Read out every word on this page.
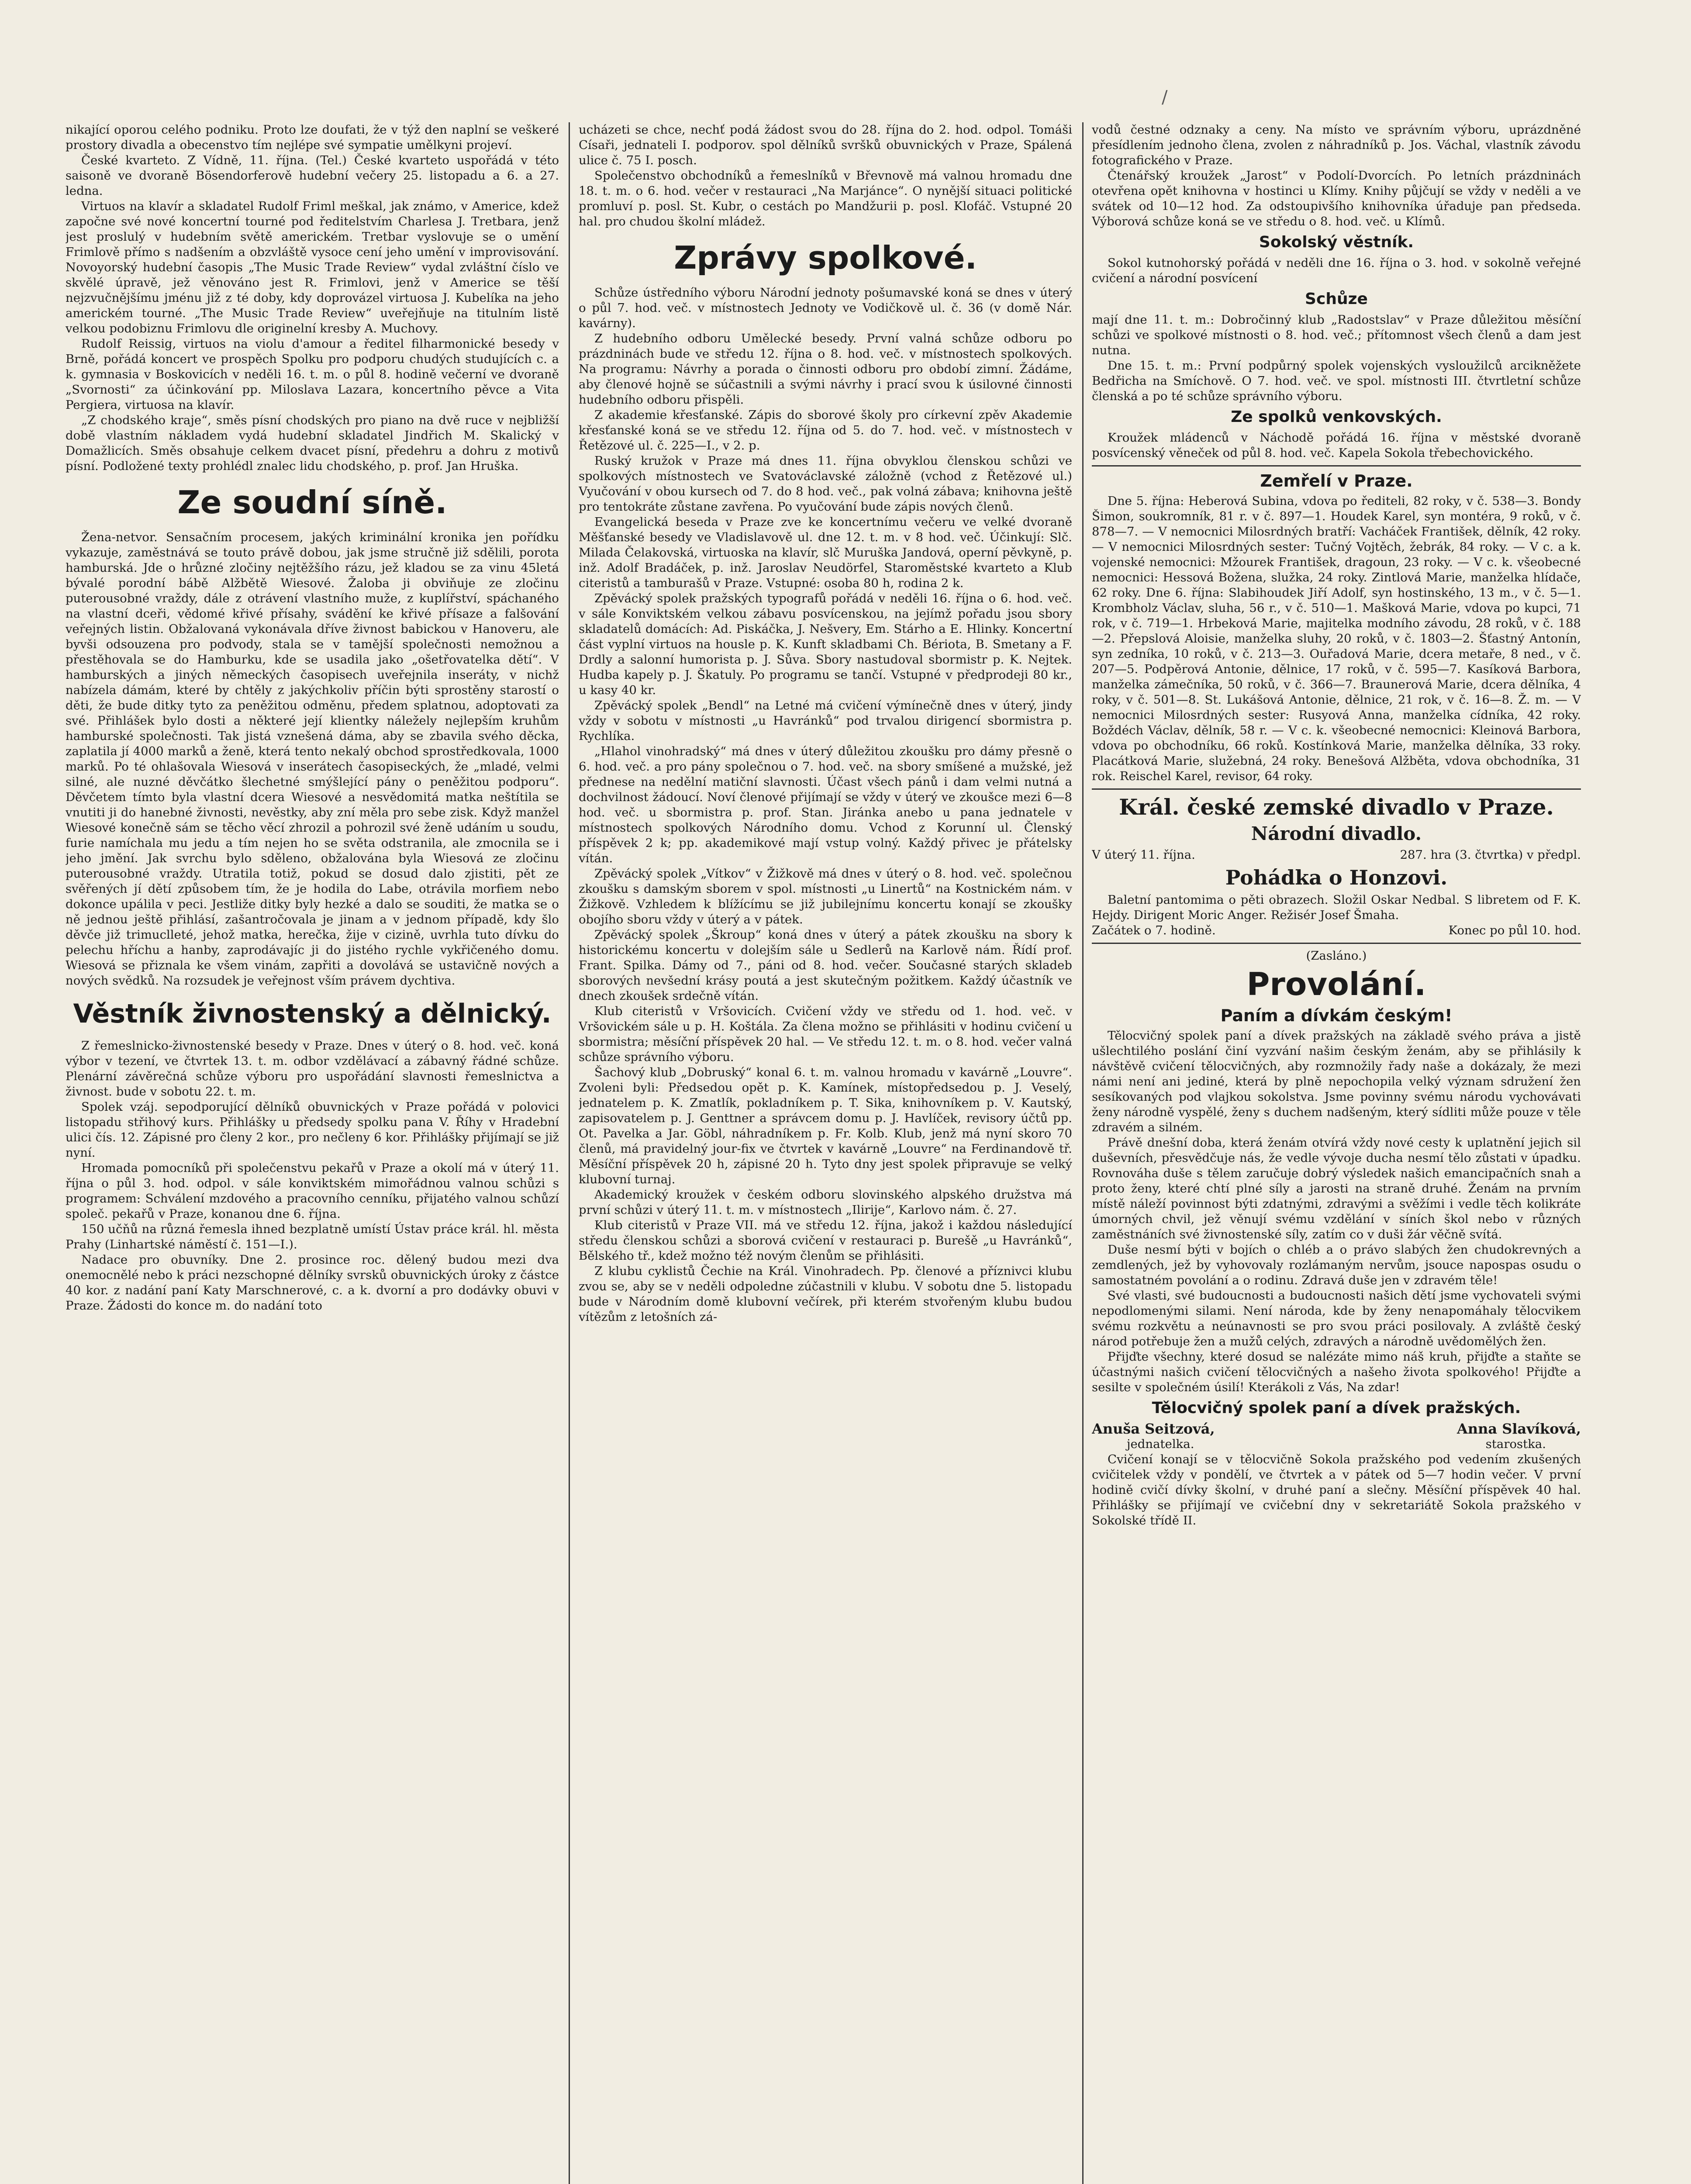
/

nikající oporou celého podniku. Proto lze doufati, že v týž den naplní se veškeré prostory divadla a obecenstvo tím nejlépe své sympatie umělkyni projeví.

České kvarteto. Z Vídně, 11. října. (Tel.) České kvarteto uspořádá v této saisoně ve dvoraně Bösendorferově hudební večery 25. listopadu a 6. a 27. ledna.

Virtuos na klavír a skladatel Rudolf Friml meškal, jak známo, v Americe, kdež započne své nové koncertní tourné pod ředitelstvím Charlesa J. Tretbara, jenž jest proslulý v hudebním světě americkém. Tretbar vyslovuje se o umění Frimlově přímo s nadšením a obzvláště vysoce cení jeho umění v improvisování. Novoyorský hudební časopis „The Music Trade Review“ vydal zvláštní číslo ve skvělé úpravě, jež věnováno jest R. Frimlovi, jenž v Americe se těší nejzvučnějšímu jménu již z té doby, kdy doprovázel virtuosa J. Kubelíka na jeho americkém tourné. „The Music Trade Review“ uveřejňuje na titulním listě velkou podobiznu Frimlovu dle originelní kresby A. Muchovy.

Rudolf Reissig, virtuos na violu d'amour a ředitel filharmonické besedy v Brně, pořádá koncert ve prospěch Spolku pro podporu chudých studujících c. a k. gymnasia v Boskovicích v neděli 16. t. m. o půl 8. hodině večerní ve dvoraně „Svornosti“ za účinkování pp. Miloslava Lazara, koncertního pěvce a Vita Pergiera, virtuosa na klavír.

„Z chodského kraje“, směs písní chodských pro piano na dvě ruce v nejbližší době vlastním nákladem vydá hudební skladatel Jindřich M. Skalický v Domažlicích. Směs obsahuje celkem dvacet písní, předehru a dohru z motivů písní. Podložené texty prohlédl znalec lidu chodského, p. prof. Jan Hruška.

Ze soudní síně.

Žena-netvor. Sensačním procesem, jakých kriminální kronika jen pořídku vykazuje, zaměstnává se touto právě dobou, jak jsme stručně již sdělili, porota hamburská. Jde o hrůzné zločiny nejtěžšího rázu, jež kladou se za vinu 45letá bývalé porodní bábě Alžbětě Wiesové. Žaloba ji obviňuje ze zločinu puterousobné vraždy, dále z otrávení vlastního muže, z kuplířství, spáchaného na vlastní dceři, vědomé křivé přísahy, svádění ke křivé přísaze a falšování veřejných listin. Obžalovaná vykonávala dříve živnost babickou v Hanoveru, ale byvši odsouzena pro podvody, stala se v tamější společnosti nemožnou a přestěhovala se do Hamburku, kde se usadila jako „ošetřovatelka dětí“. V hamburských a jiných německých časopisech uveřejnila inseráty, v nichž nabízela dámám, které by chtěly z jakýchkoliv příčin býti sprostěny starostí o děti, že bude ditky tyto za peněžitou odměnu, předem splatnou, adoptovati za své. Přihlášek bylo dosti a některé její klientky náležely nejlepším kruhům hamburské společnosti. Tak jistá vznešená dáma, aby se zbavila svého děcka, zaplatila jí 4000 marků a ženě, která tento nekalý obchod sprostředkovala, 1000 marků. Po té ohlašovala Wiesová v inserátech časopiseckých, že „mladé, velmi silné, ale nuzné děvčátko šlechetné smýšlející pány o peněžitou podporu“. Děvčetem tímto byla vlastní dcera Wiesové a nesvědomitá matka neštítila se vnutiti ji do hanebné živnosti, nevěstky, aby zní měla pro sebe zisk. Když manžel Wiesové konečně sám se těcho věcí zhrozil a pohrozil své ženě udáním u soudu, furie namíchala mu jedu a tím nejen ho se světa odstranila, ale zmocnila se i jeho jmění. Jak svrchu bylo sděleno, obžalována byla Wiesová ze zločinu puterousobné vraždy. Utratila totiž, pokud se dosud dalo zjistiti, pět ze svěřených jí dětí způsobem tím, že je hodila do Labe, otrávila morfiem nebo dokonce upálila v peci. Jestliže ditky byly hezké a dalo se souditi, že matka se o ně jednou ještě přihlásí, zašantročovala je jinam a v jednom případě, kdy šlo děvče již trimuclleté, jehož matka, herečka, žije v cizině, uvrhla tuto dívku do pelechu hříchu a hanby, zaprodávajíc ji do jistého rychle vykřičeného domu. Wiesová se přiznala ke všem vinám, zapřiti a dovolává se ustavičně nových a nových svědků. Na rozsudek je veřejnost vším právem dychtiva.

Věstník živnostenský a dělnický.

Z řemeslnicko-živnostenské besedy v Praze. Dnes v úterý o 8. hod. več. koná výbor v tezení, ve čtvrtek 13. t. m. odbor vzdělávací a zábavný řádné schůze. Plenární závěrečná schůze výboru pro uspořádání slavnosti řemeslnictva a živnost. bude v sobotu 22. t. m.

Spolek vzáj. sepodporující dělníků obuvnických v Praze pořádá v polovici listopadu střihový kurs. Přihlášky u předsedy spolku pana V. Říhy v Hradební ulici čís. 12. Zápisné pro členy 2 kor., pro nečleny 6 kor. Přihlášky přijímají se již nyní.

Hromada pomocníků při společenstvu pekařů v Praze a okolí má v úterý 11. října o půl 3. hod. odpol. v sále konviktském mimořádnou valnou schůzi s programem: Schválení mzdového a pracovního cenníku, přijatého valnou schůzí společ. pekařů v Praze, konanou dne 6. října.

150 učňů na různá řemesla ihned bezplatně umístí Ústav práce král. hl. města Prahy (Linhartské náměstí č. 151—I.).

Nadace pro obuvníky. Dne 2. prosince roc. dělený budou mezi dva onemocnělé nebo k práci nezschopné dělníky svrsků obuvnických úroky z částce 40 kor. z nadání paní Katy Marschnerové, c. a k. dvorní a pro dodávky obuvi v Praze. Žádosti do konce m. do nadání toto

ucházeti se chce, nechť podá žádost svou do 28. října do 2. hod. odpol. Tomáši Císaři, jednateli I. podporov. spol dělníků svršků obuvnických v Praze, Spálená ulice č. 75 I. posch.

Společenstvo obchodníků a řemeslníků v Břevnově má valnou hromadu dne 18. t. m. o 6. hod. večer v restauraci „Na Marjánce“. O nynější situaci politické promluví p. posl. St. Kubr, o cestách po Mandžurii p. posl. Klofáč. Vstupné 20 hal. pro chudou školní mládež.

Zprávy spolkové.

Schůze ústředního výboru Národní jednoty pošumavské koná se dnes v úterý o půl 7. hod. več. v místnostech Jednoty ve Vodičkově ul. č. 36 (v domě Nár. kavárny).

Z hudebního odboru Umělecké besedy. První valná schůze odboru po prázdninách bude ve středu 12. října o 8. hod. več. v místnostech spolkových. Na programu: Návrhy a porada o činnosti odboru pro období zimní. Žádáme, aby členové hojně se súčastnili a svými návrhy i prací svou k úsilovné činnosti hudebního odboru přispěli.

Z akademie křesťanské. Zápis do sborové školy pro církevní zpěv Akademie křesťanské koná se ve středu 12. října od 5. do 7. hod. več. v místnostech v Řetězové ul. č. 225—I., v 2. p.

Ruský kružok v Praze má dnes 11. října obvyklou členskou schůzi ve spolkových místnostech ve Svatováclavské záložně (vchod z Řetězové ul.) Vyučování v obou kursech od 7. do 8 hod. več., pak volná zábava; knihovna ještě pro tentokráte zůstane zavřena. Po vyučování bude zápis nových členů.

Evangelická beseda v Praze zve ke koncertnímu večeru ve velké dvoraně Měšťanské besedy ve Vladislavově ul. dne 12. t. m. v 8 hod. več. Účinkují: Slč. Milada Čelakovská, virtuoska na klavír, slč Muruška Jandová, operní pěvkyně, p. inž. Adolf Bradáček, p. inž. Jaroslav Neudörfel, Staroměstské kvarteto a Klub citeristů a tamburašů v Praze. Vstupné: osoba 80 h, rodina 2 k.

Zpěvácký spolek pražských typografů pořádá v neděli 16. října o 6. hod. več. v sále Konviktském velkou zábavu posvícenskou, na jejímž pořadu jsou sbory skladatelů domácích: Ad. Piskáčka, J. Nešvery, Em. Stárho a E. Hlinky. Koncertní část vyplní virtuos na housle p. K. Kunft skladbami Ch. Bériota, B. Smetany a F. Drdly a salonní humorista p. J. Sůva. Sbory nastudoval sbormistr p. K. Nejtek. Hudba kapely p. J. Škatuly. Po programu se tančí. Vstupné v předprodeji 80 kr., u kasy 40 kr.

Zpěvácký spolek „Bendl“ na Letné má cvičení výmínečně dnes v úterý, jindy vždy v sobotu v místnosti „u Havránků“ pod trvalou dirigencí sbormistra p. Rychlíka.

„Hlahol vinohradský“ má dnes v úterý důležitou zkoušku pro dámy přesně o 6. hod. več. a pro pány společnou o 7. hod. več. na sbory smíšené a mužské, jež přednese na nedělní matiční slavnosti. Účast všech pánů i dam velmi nutná a dochvilnost žádoucí. Noví členové přijímají se vždy v úterý ve zkoušce mezi 6—8 hod. več. u sbormistra p. prof. Stan. Jiránka anebo u pana jednatele v místnostech spolkových Národního domu. Vchod z Korunní ul. Členský příspěvek 2 k; pp. akademikové mají vstup volný. Každý přivec je přátelsky vítán.

Zpěvácký spolek „Vítkov“ v Žižkově má dnes v úterý o 8. hod. več. společnou zkoušku s damským sborem v spol. místnosti „u Linertů“ na Kostnickém nám. v Žižkově. Vzhledem k blížícímu se již jubilejnímu koncertu konají se zkoušky obojího sboru vždy v úterý a v pátek.

Zpěvácký spolek „Škroup“ koná dnes v úterý a pátek zkoušku na sbory k historickému koncertu v dolejším sále u Sedlerů na Karlově nám. Řídí prof. Frant. Spilka. Dámy od 7., páni od 8. hod. večer. Současné starých skladeb sborových nevšední krásy poutá a jest skutečným požitkem. Každý účastník ve dnech zkoušek srdečně vítán.

Klub citeristů v Vršovicích. Cvičení vždy ve středu od 1. hod. več. v Vršovickém sále u p. H. Koštála. Za člena možno se přihlásiti v hodinu cvičení u sbormistra; měsíční příspěvek 20 hal. — Ve středu 12. t. m. o 8. hod. večer valná schůze správního výboru.

Šachový klub „Dobruský“ konal 6. t. m. valnou hromadu v kavárně „Louvre“. Zvoleni byli: Předsedou opět p. K. Kamínek, místopředsedou p. J. Veselý, jednatelem p. K. Zmatlík, pokladníkem p. T. Sika, knihovníkem p. V. Kautský, zapisovatelem p. J. Genttner a správcem domu p. J. Havlíček, revisory účtů pp. Ot. Pavelka a Jar. Göbl, náhradníkem p. Fr. Kolb. Klub, jenž má nyní skoro 70 členů, má pravidelný jour-fix ve čtvrtek v kavárně „Louvre“ na Ferdinandově tř. Měsíční příspěvek 20 h, zápisné 20 h. Tyto dny jest spolek připravuje se velký klubovní turnaj.

Akademický kroužek v českém odboru slovinského alpského družstva má první schůzi v úterý 11. t. m. v místnostech „Ilirije“, Karlovo nám. č. 27.

Klub citeristů v Praze VII. má ve středu 12. října, jakož i každou následující středu členskou schůzi a sborová cvičení v restauraci p. Burešě „u Havránků“, Bělského tř., kdež možno též novým členům se přihlásiti.

Z klubu cyklistů Čechie na Král. Vinohradech. Pp. členové a příznivci klubu zvou se, aby se v neděli odpoledne zúčastnili v klubu. V sobotu dne 5. listopadu bude v Národním domě klubovní večírek, při kterém stvořeným klubu budou vítězům z letošních zá-

vodů čestné odznaky a ceny. Na místo ve správním výboru, uprázdněné přesídlením jednoho člena, zvolen z náhradníků p. Jos. Váchal, vlastník závodu fotografického v Praze.

Čtenářský kroužek „Jarost“ v Podolí-Dvorcích. Po letních prázdninách otevřena opět knihovna v hostinci u Klímy. Knihy půjčují se vždy v neděli a ve svátek od 10—12 hod. Za odstoupivšího knihovníka úřaduje pan předseda. Výborová schůze koná se ve středu o 8. hod. več. u Klímů.

Sokolský věstník.

Sokol kutnohorský pořádá v neděli dne 16. října o 3. hod. v sokolně veřejné cvičení a národní posvícení

Schůze

mají dne 11. t. m.: Dobročinný klub „Radostslav“ v Praze důležitou měsíční schůzi ve spolkové místnosti o 8. hod. več.; přítomnost všech členů a dam jest nutna.

Dne 15. t. m.: První podpůrný spolek vojenských vysloužilců arcikněžete Bedřicha na Smíchově. O 7. hod. več. ve spol. místnosti III. čtvrtletní schůze členská a po té schůze správního výboru.

Ze spolků venkovských.

Kroužek mládenců v Náchodě pořádá 16. října v městské dvoraně posvícenský věneček od půl 8. hod. več. Kapela Sokola třebechovického.

Zemřelí v Praze.

Dne 5. října: Heberová Subina, vdova po řediteli, 82 roky, v č. 538—3. Bondy Šimon, soukromník, 81 r. v č. 897—1. Houdek Karel, syn montéra, 9 roků, v č. 878—7. — V nemocnici Milosrdných bratří: Vacháček František, dělník, 42 roky. — V nemocnici Milosrdných sester: Tučný Vojtěch, žebrák, 84 roky. — V c. a k. vojenské nemocnici: Mžourek František, dragoun, 23 roky. — V c. k. všeobecné nemocnici: Hessová Božena, služka, 24 roky. Zintlová Marie, manželka hlídače, 62 roky. Dne 6. října: Slabihoudek Jiří Adolf, syn hostinského, 13 m., v č. 5—1. Krombholz Václav, sluha, 56 r., v č. 510—1. Mašková Marie, vdova po kupci, 71 rok, v č. 719—1. Hrbeková Marie, majitelka modního závodu, 28 roků, v č. 188—2. Přepslová Aloisie, manželka sluhy, 20 roků, v č. 1803—2. Šťastný Antonín, syn zedníka, 10 roků, v č. 213—3. Ouřadová Marie, dcera metaře, 8 ned., v č. 207—5. Podpěrová Antonie, dělnice, 17 roků, v č. 595—7. Kasíková Barbora, manželka zámečníka, 50 roků, v č. 366—7. Braunerová Marie, dcera dělníka, 4 roky, v č. 501—8. St. Lukášová Antonie, dělnice, 21 rok, v č. 16—8. Ž. m. — V nemocnici Milosrdných sester: Rusyová Anna, manželka cídníka, 42 roky. Boždéch Václav, dělník, 58 r. — V c. k. všeobecné nemocnici: Kleinová Barbora, vdova po obchodníku, 66 roků. Kostínková Marie, manželka dělníka, 33 roky. Placátková Marie, služebná, 24 roky. Benešová Alžběta, vdova obchodníka, 31 rok. Reischel Karel, revisor, 64 roky.

Král. české zemské divadlo v Praze.
Národní divadlo.
V úterý 11. října.	287. hra (3. čtvrtka) v předpl.
Pohádka o Honzovi.

Baletní pantomima o pěti obrazech. Složil Oskar Nedbal. S libretem od F. K. Hejdy. Dirigent Moric Anger. Režisér Josef Šmaha.

Začátek o 7. hodině.	Konec po půl 10. hod.

(Zasláno.)

Provolání.
Paním a dívkám českým!

Tělocvičný spolek paní a dívek pražských na základě svého práva a jistě ušlechtilého poslání činí vyzvání našim českým ženám, aby se přihlásily k návštěvě cvičení tělocvičných, aby rozmnožily řady naše a dokázaly, že mezi námi není ani jediné, která by plně nepochopila velký význam sdružení žen sesíkovaných pod vlajkou sokolstva. Jsme povinny svému národu vychovávati ženy národně vyspělé, ženy s duchem nadšeným, který sídliti může pouze v těle zdravém a silném.

Právě dnešní doba, která ženám otvírá vždy nové cesty k uplatnění jejich sil duševních, přesvědčuje nás, že vedle vývoje ducha nesmí tělo zůstati v úpadku. Rovnováha duše s tělem zaručuje dobrý výsledek našich emancipačních snah a proto ženy, které chtí plné síly a jarosti na straně druhé. Ženám na prvním místě náleží povinnost býti zdatnými, zdravými a svěžími i vedle těch kolikráte úmorných chvil, jež věnují svému vzdělání v síních škol nebo v různých zaměstnáních své živnostenské síly, zatím co v duši žár věčně svítá.

Duše nesmí býti v bojích o chléb a o právo slabých žen chudokrevných a zemdlených, jež by vyhovovaly rozlámaným nervům, jsouce napospas osudu o samostatném povolání a o rodinu. Zdravá duše jen v zdravém těle!

Své vlasti, své budoucnosti a budoucnosti našich dětí jsme vychovateli svými nepodlomenými silami. Není národa, kde by ženy nenapomáhaly tělocvikem svému rozkvětu a neúnavnosti se pro svou práci posilovaly. A zvláště český národ potřebuje žen a mužů celých, zdravých a národně uvědomělých žen.

Přijďte všechny, které dosud se nalézáte mimo náš kruh, přijďte a staňte se účastnými našich cvičení tělocvičných a našeho života spolkového! Přijďte a sesilte v společném úsilí! Kterákoli z Vás, Na zdar!

Tělocvičný spolek paní a dívek pražských.
Anuša Seitzová,	Anna Slavíková,
jednatelka.	starostka.

Cvičení konají se v tělocvičně Sokola pražského pod vedením zkušených cvičitelek vždy v pondělí, ve čtvrtek a v pátek od 5—7 hodin večer. V první hodině cvičí dívky školní, v druhé paní a slečny. Měsíční příspěvek 40 hal. Přihlášky se přijímají ve cvičební dny v sekretariátě Sokola pražského v Sokolské třídě II.
